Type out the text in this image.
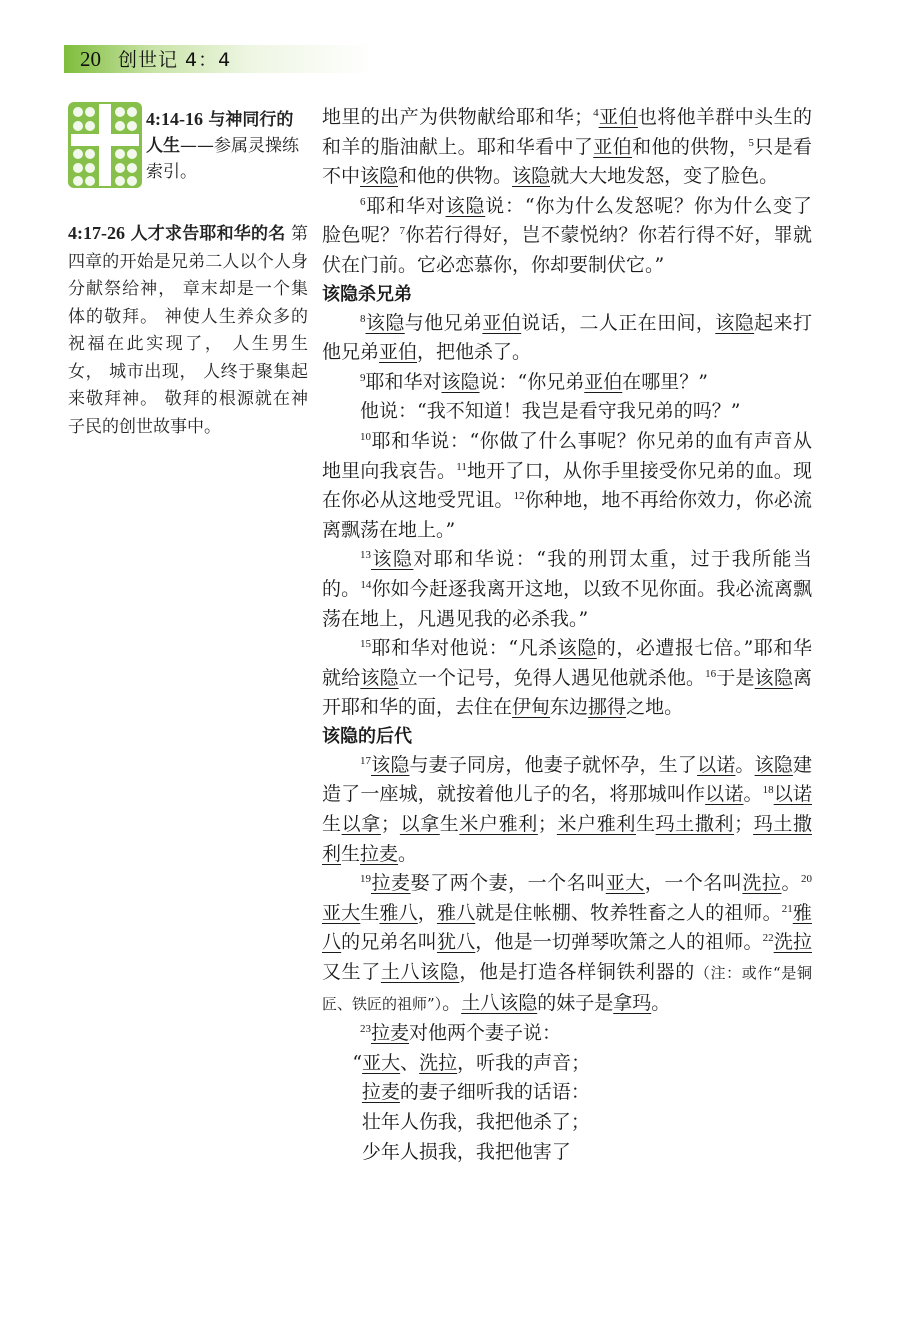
20 创世记 4：4
4:14-16 与神同行的人生——参属灵操练索引。
4:17-26 人才求告耶和华的名 第四章的开始是兄弟二人以个人身分献祭给神， 章末却是一个集体的敬拜。 神使人生养众多的祝福在此实现了， 人生男生女， 城市出现， 人终于聚集起来敬拜神。 敬拜的根源就在神子民的创世故事中。

地里的出产为供物献给耶和华；$^4$亚伯也将他羊群中头生的和羊的脂油献上。耶和华看中了亚伯和他的供物，$^5$只是看不中该隐和他的供物。该隐就大大地发怒，变了脸色。

$^6$耶和华对该隐说：“你为什么发怒呢？你为什么变了脸色呢？$^7$你若行得好，岂不蒙悦纳？你若行得不好，罪就伏在门前。它必恋慕你，你却要制伏它。”

该隐杀兄弟

$^8$该隐与他兄弟亚伯说话，二人正在田间，该隐起来打他兄弟亚伯，把他杀了。

$^9$耶和华对该隐说：“你兄弟亚伯在哪里？”

他说：“我不知道！我岂是看守我兄弟的吗？”

$^{10}$耶和华说：“你做了什么事呢？你兄弟的血有声音从地里向我哀告。$^{11}$地开了口，从你手里接受你兄弟的血。现在你必从这地受咒诅。$^{12}$你种地，地不再给你效力，你必流离飘荡在地上。”

$^{13}$该隐对耶和华说：“我的刑罚太重，过于我所能当的。$^{14}$你如今赶逐我离开这地，以致不见你面。我必流离飘荡在地上，凡遇见我的必杀我。”

$^{15}$耶和华对他说：“凡杀该隐的，必遭报七倍。”耶和华就给该隐立一个记号，免得人遇见他就杀他。$^{16}$于是该隐离开耶和华的面，去住在伊甸东边挪得之地。

该隐的后代

$^{17}$该隐与妻子同房，他妻子就怀孕，生了以诺。该隐建造了一座城，就按着他儿子的名，将那城叫作以诺。$^{18}$以诺生以拿；以拿生米户雅利；米户雅利生玛土撒利；玛土撒利生拉麦。

$^{19}$拉麦娶了两个妻，一个名叫亚大，一个名叫洗拉。$^{20}$亚大生雅八，雅八就是住帐棚、牧养牲畜之人的祖师。$^{21}$雅八的兄弟名叫犹八，他是一切弹琴吹箫之人的祖师。$^{22}$洗拉又生了土八该隐，他是打造各样铜铁利器的（注：或作“是铜匠、铁匠的祖师”）。土八该隐的妹子是拿玛。

$^{23}$拉麦对他两个妻子说：

“亚大、洗拉，听我的声音；

拉麦的妻子细听我的话语：

壮年人伤我，我把他杀了；

少年人损我，我把他害了
